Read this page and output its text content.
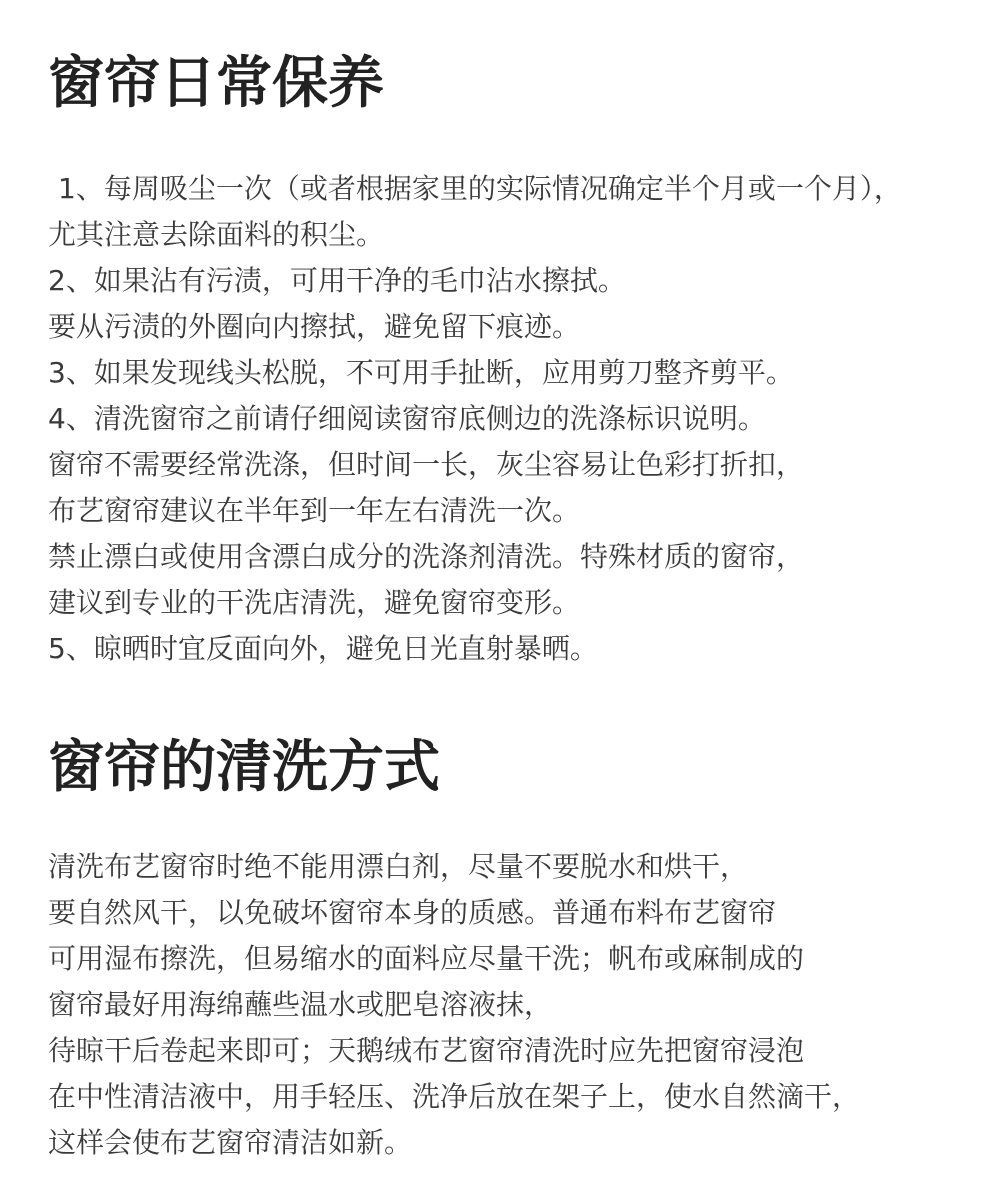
窗帘日常保养
1、每周吸尘一次（或者根据家里的实际情况确定半个月或一个月），
尤其注意去除面料的积尘。
2、如果沾有污渍，可用干净的毛巾沾水擦拭。
要从污渍的外圈向内擦拭，避免留下痕迹。
3、如果发现线头松脱，不可用手扯断，应用剪刀整齐剪平。
4、清洗窗帘之前请仔细阅读窗帘底侧边的洗涤标识说明。
窗帘不需要经常洗涤，但时间一长，灰尘容易让色彩打折扣，
布艺窗帘建议在半年到一年左右清洗一次。
禁止漂白或使用含漂白成分的洗涤剂清洗。特殊材质的窗帘，
建议到专业的干洗店清洗，避免窗帘变形。
5、晾晒时宜反面向外，避免日光直射暴晒。
窗帘的清洗方式
清洗布艺窗帘时绝不能用漂白剂，尽量不要脱水和烘干，
要自然风干，以免破坏窗帘本身的质感。普通布料布艺窗帘
可用湿布擦洗，但易缩水的面料应尽量干洗；帆布或麻制成的
窗帘最好用海绵蘸些温水或肥皂溶液抹，
待晾干后卷起来即可；天鹅绒布艺窗帘清洗时应先把窗帘浸泡
在中性清洁液中，用手轻压、洗净后放在架子上，使水自然滴干，
这样会使布艺窗帘清洁如新。
